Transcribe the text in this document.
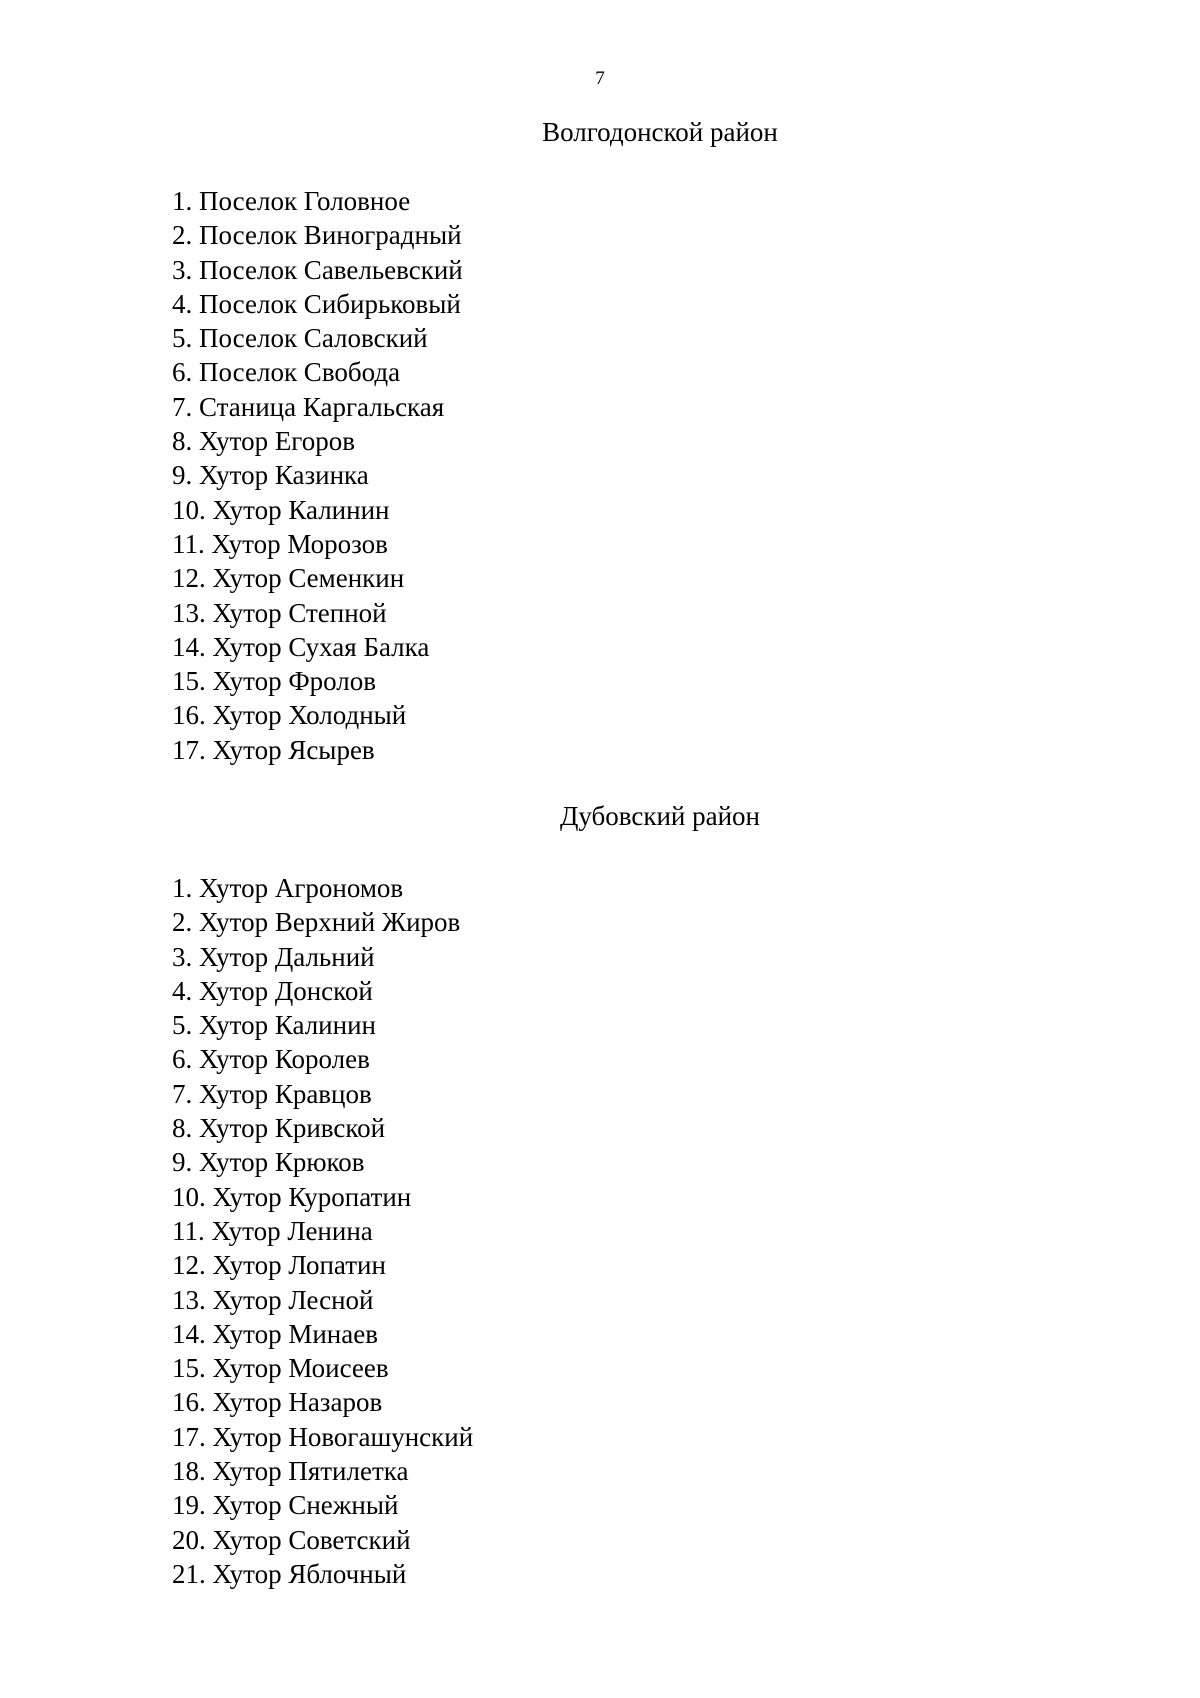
7
Волгодонской район
1. Поселок Головное
2. Поселок Виноградный
3. Поселок Савельевский
4. Поселок Сибирьковый
5. Поселок Саловский
6. Поселок Свобода
7. Станица Каргальская
8. Хутор Егоров
9. Хутор Казинка
10. Хутор Калинин
11. Хутор Морозов
12. Хутор Семенкин
13. Хутор Степной
14. Хутор Сухая Балка
15. Хутор Фролов
16. Хутор Холодный
17. Хутор Ясырев
Дубовский район
1. Хутор Агрономов
2. Хутор Верхний Жиров
3. Хутор Дальний
4. Хутор Донской
5. Хутор Калинин
6. Хутор Королев
7. Хутор Кравцов
8. Хутор Кривской
9. Хутор Крюков
10. Хутор Куропатин
11. Хутор Ленина
12. Хутор Лопатин
13. Хутор Лесной
14. Хутор Минаев
15. Хутор Моисеев
16. Хутор Назаров
17. Хутор Новогашунский
18. Хутор Пятилетка
19. Хутор Снежный
20. Хутор Советский
21. Хутор Яблочный
